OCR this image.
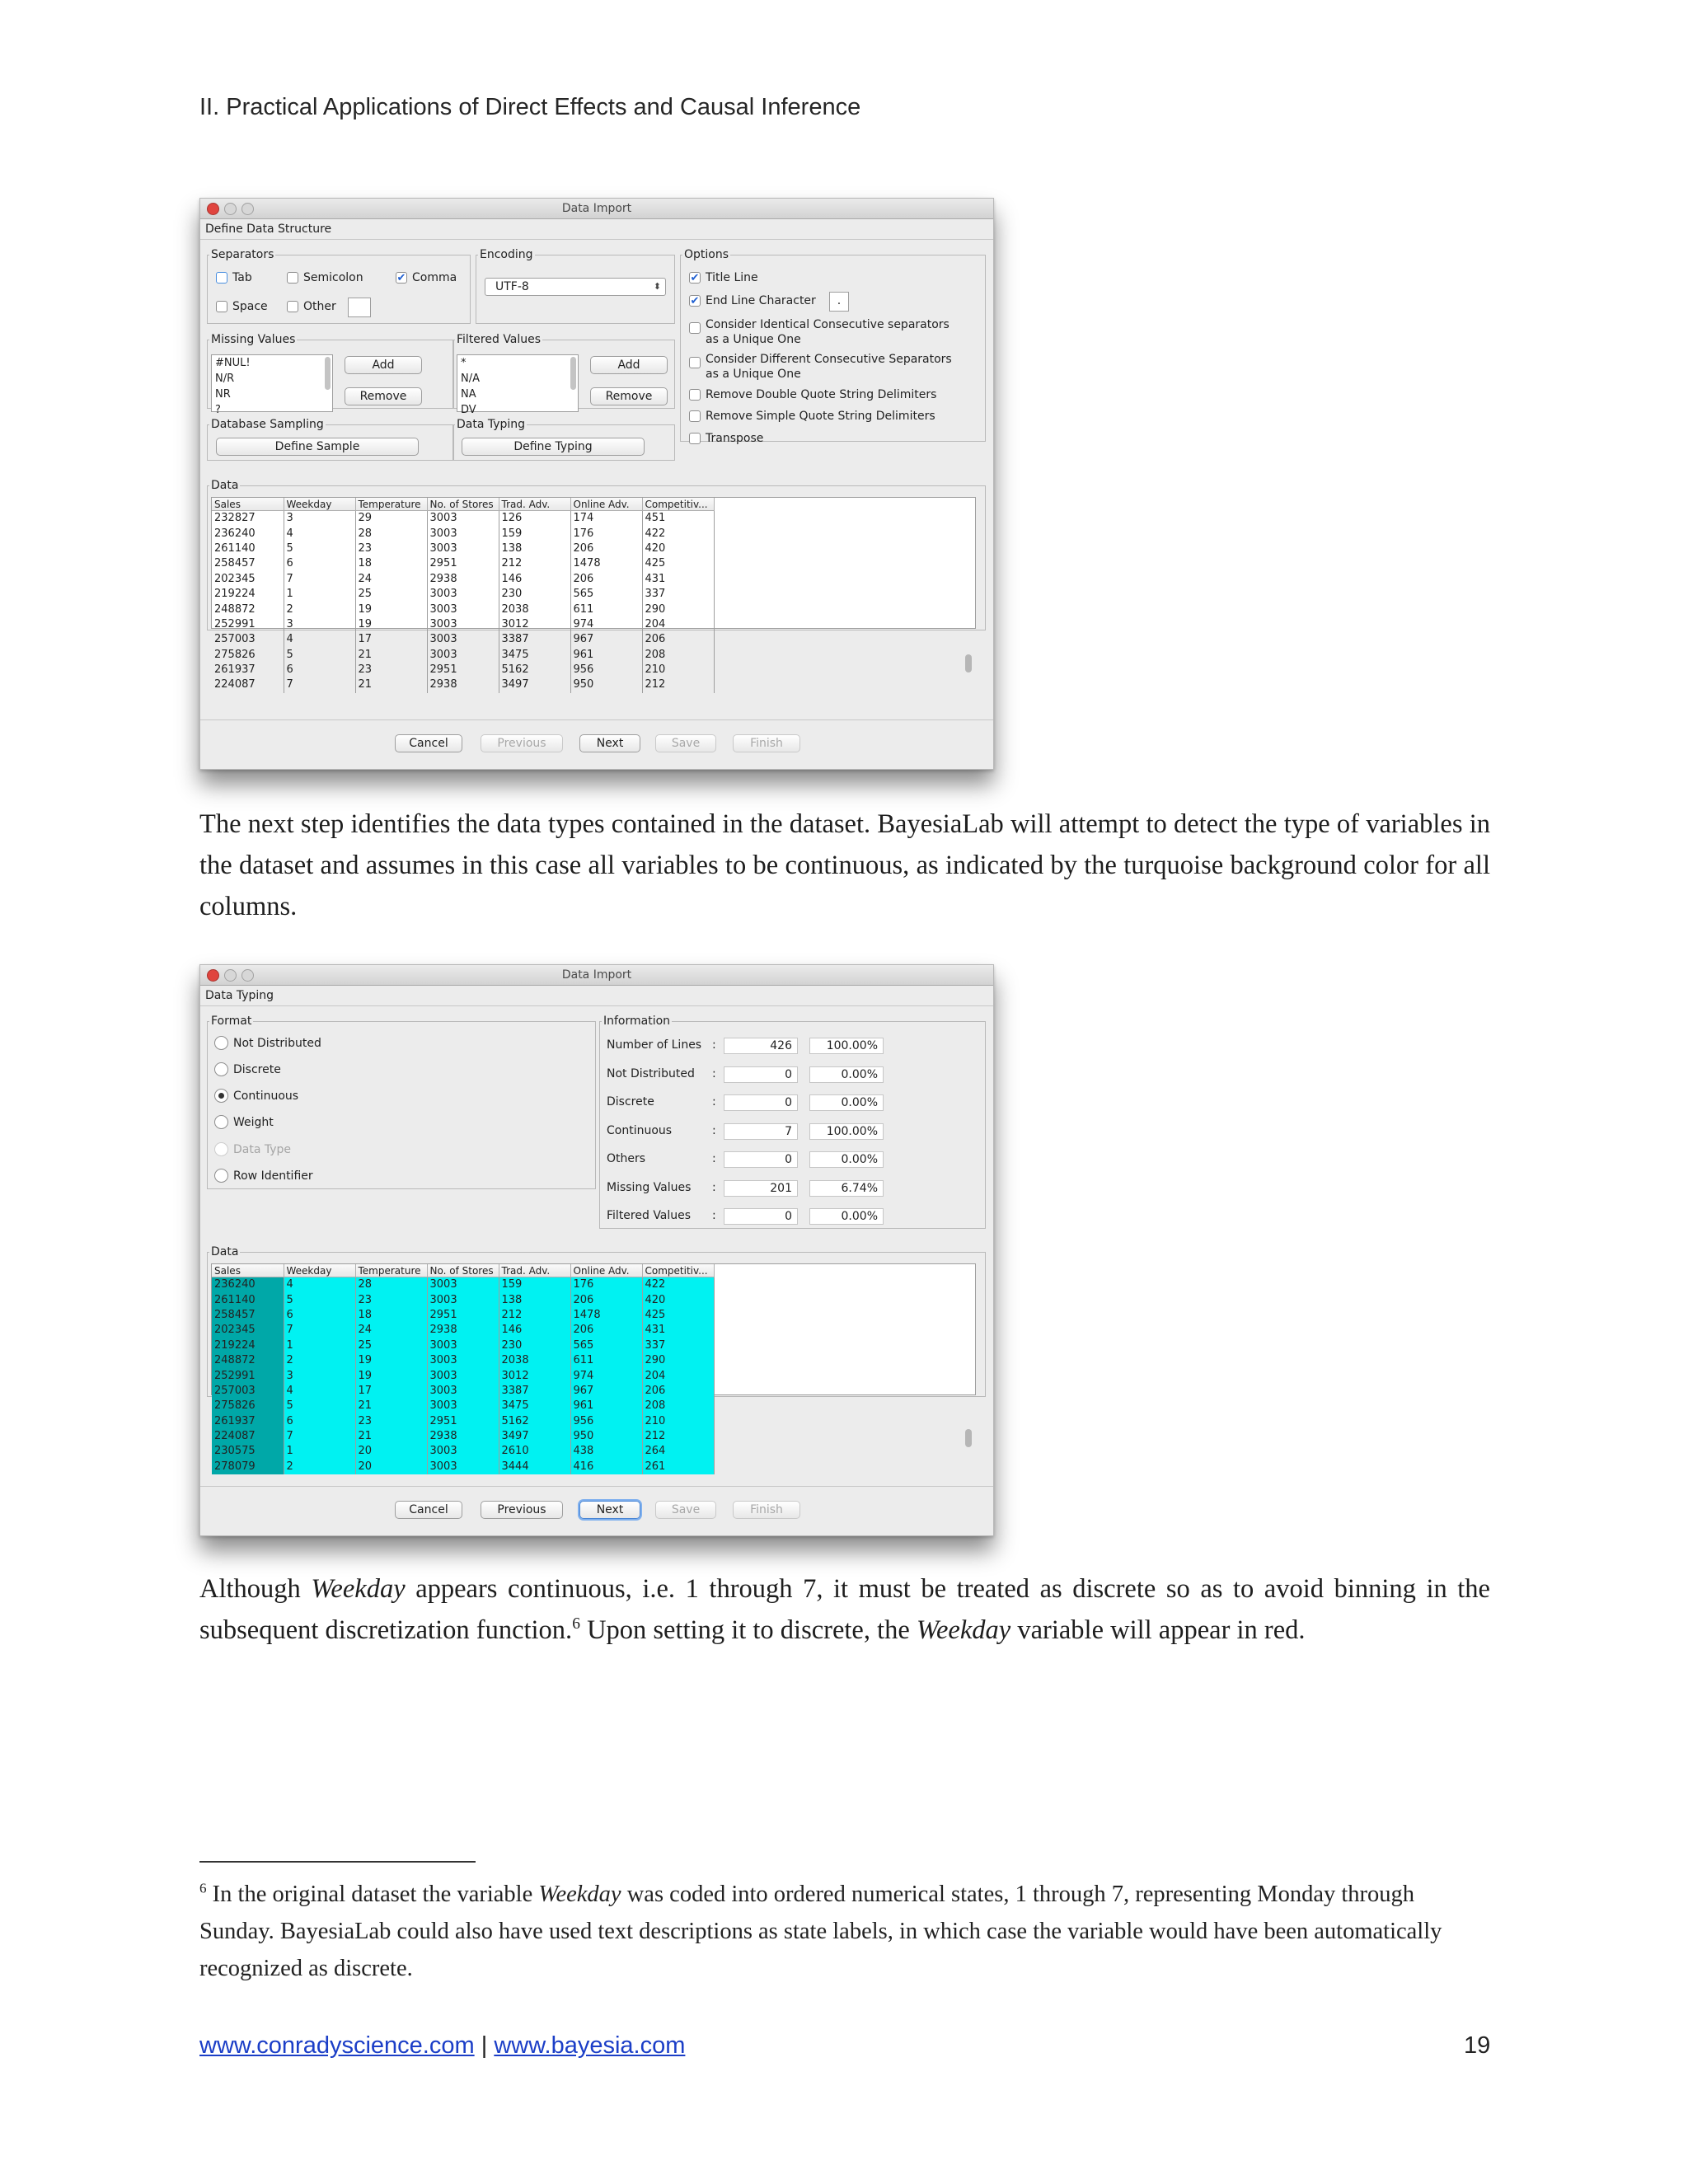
II. Practical Applications of Direct Effects and Causal Inference
Data Import
Define Data Structure
Separators
Tab	Semicolon	✔ Comma
Space	Other
Encoding
UTF-8	⬍
Options
✔ Title Line
✔ End Line Character	.
Consider Identical Consecutive separators
as a Unique One
Consider Different Consecutive Separators
as a Unique One
Remove Double Quote String Delimiters
Remove Simple Quote String Delimiters
Transpose
Missing Values
#NUL!
N/R
NR
?
Add
Remove
Filtered Values
*
N/A
NA
DV
Add
Remove
Database Sampling
Define Sample
Data Typing
Define Typing
Data
Sales	Weekday	Temperature	No. of Stores	Trad. Adv.	Online Adv.	Competitiv...
232827	3	29	3003	126	174	451
236240	4	28	3003	159	176	422
261140	5	23	3003	138	206	420
258457	6	18	2951	212	1478	425
202345	7	24	2938	146	206	431
219224	1	25	3003	230	565	337
248872	2	19	3003	2038	611	290
252991	3	19	3003	3012	974	204
257003	4	17	3003	3387	967	206
275826	5	21	3003	3475	961	208
261937	6	23	2951	5162	956	210
224087	7	21	2938	3497	950	212
Cancel	Previous	Next	Save	Finish
The next step identifies the data types contained in the dataset. BayesiaLab will attempt to detect the type of variables in the dataset and assumes in this case all variables to be continuous, as indicated by the turquoise background color for all columns.
Data Import
Data Typing
Format
Not Distributed
Discrete
Continuous
Weight
Data Type
Row Identifier
Information
Number of Lines :	426	100.00%
Not Distributed :	0	0.00%
Discrete	:	0	0.00%
Continuous	:	7	100.00%
Others	:	0	0.00%
Missing Values :	201	6.74%
Filtered Values :	0	0.00%
Data
Sales	Weekday	Temperature	No. of Stores	Trad. Adv.	Online Adv.	Competitiv...
236240	4	28	3003	159	176	422
261140	5	23	3003	138	206	420
258457	6	18	2951	212	1478	425
202345	7	24	2938	146	206	431
219224	1	25	3003	230	565	337
248872	2	19	3003	2038	611	290
252991	3	19	3003	3012	974	204
257003	4	17	3003	3387	967	206
275826	5	21	3003	3475	961	208
261937	6	23	2951	5162	956	210
224087	7	21	2938	3497	950	212
230575	1	20	3003	2610	438	264
278079	2	20	3003	3444	416	261
Cancel	Previous	Next	Save	Finish
Although Weekday appears continuous, i.e. 1 through 7, it must be treated as discrete so as to avoid binning in the subsequent discretization function.$^6$ Upon setting it to discrete, the Weekday variable will appear in red.
$^6$ In the original dataset the variable Weekday was coded into ordered numerical states, 1 through 7, representing Monday through Sunday. BayesiaLab could also have used text descriptions as state labels, in which case the variable would have been automatically recognized as discrete.
www.conradyscience.com | www.bayesia.com	19
